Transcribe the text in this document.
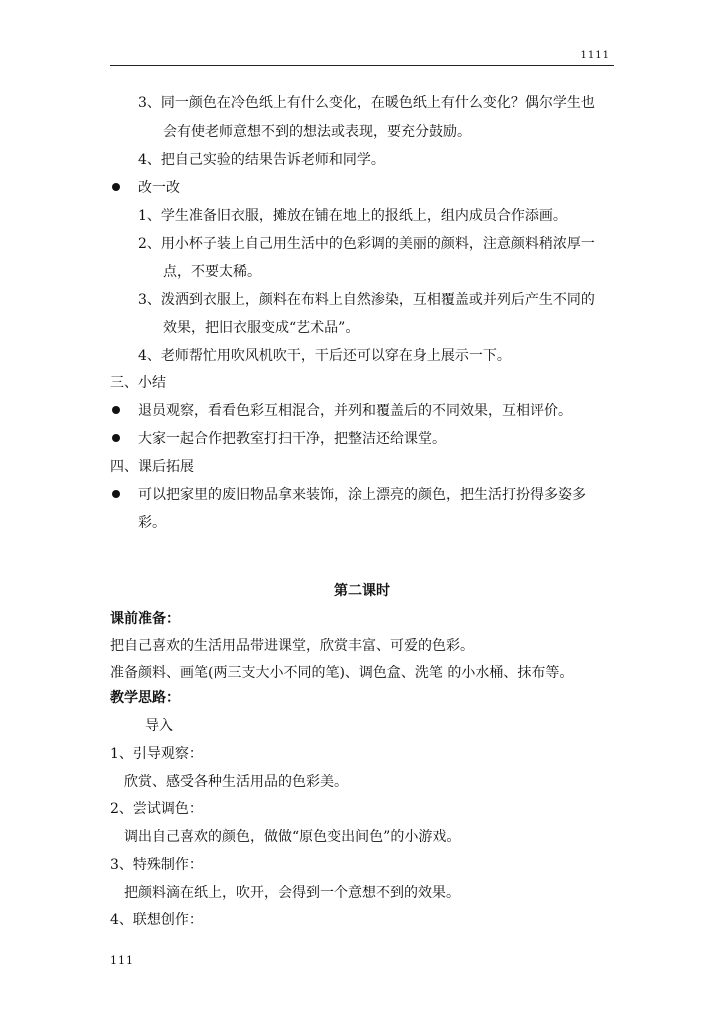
1111
3、同一颜色在冷色纸上有什么变化，在暖色纸上有什么变化？偶尔学生也
会有使老师意想不到的想法或表现，要充分鼓励。
4、把自己实验的结果告诉老师和同学。
改一改
1、学生准备旧衣服，摊放在铺在地上的报纸上，组内成员合作添画。
2、用小杯子装上自己用生活中的色彩调的美丽的颜料，注意颜料稍浓厚一
点，不要太稀。
3、泼洒到衣服上，颜料在布料上自然渗染，互相覆盖或并列后产生不同的
效果，把旧衣服变成“艺术品”。
4、老师帮忙用吹风机吹干，干后还可以穿在身上展示一下。
三、小结
退员观察，看看色彩互相混合，并列和覆盖后的不同效果，互相评价。
大家一起合作把教室打扫干净，把整洁还给课堂。
四、课后拓展
可以把家里的废旧物品拿来装饰，涂上漂亮的颜色，把生活打扮得多姿多
彩。
第二课时
课前准备：
把自己喜欢的生活用品带进课堂，欣赏丰富、可爱的色彩。
准备颜料、画笔(两三支大小不同的笔)、调色盒、洗笔 的小水桶、抹布等。
教学思路：
导入
1、引导观察：
欣赏、感受各种生活用品的色彩美。
2、尝试调色：
调出自己喜欢的颜色，做做“原色变出间色”的小游戏。
3、特殊制作：
把颜料滴在纸上，吹开，会得到一个意想不到的效果。
4、联想创作：
111
